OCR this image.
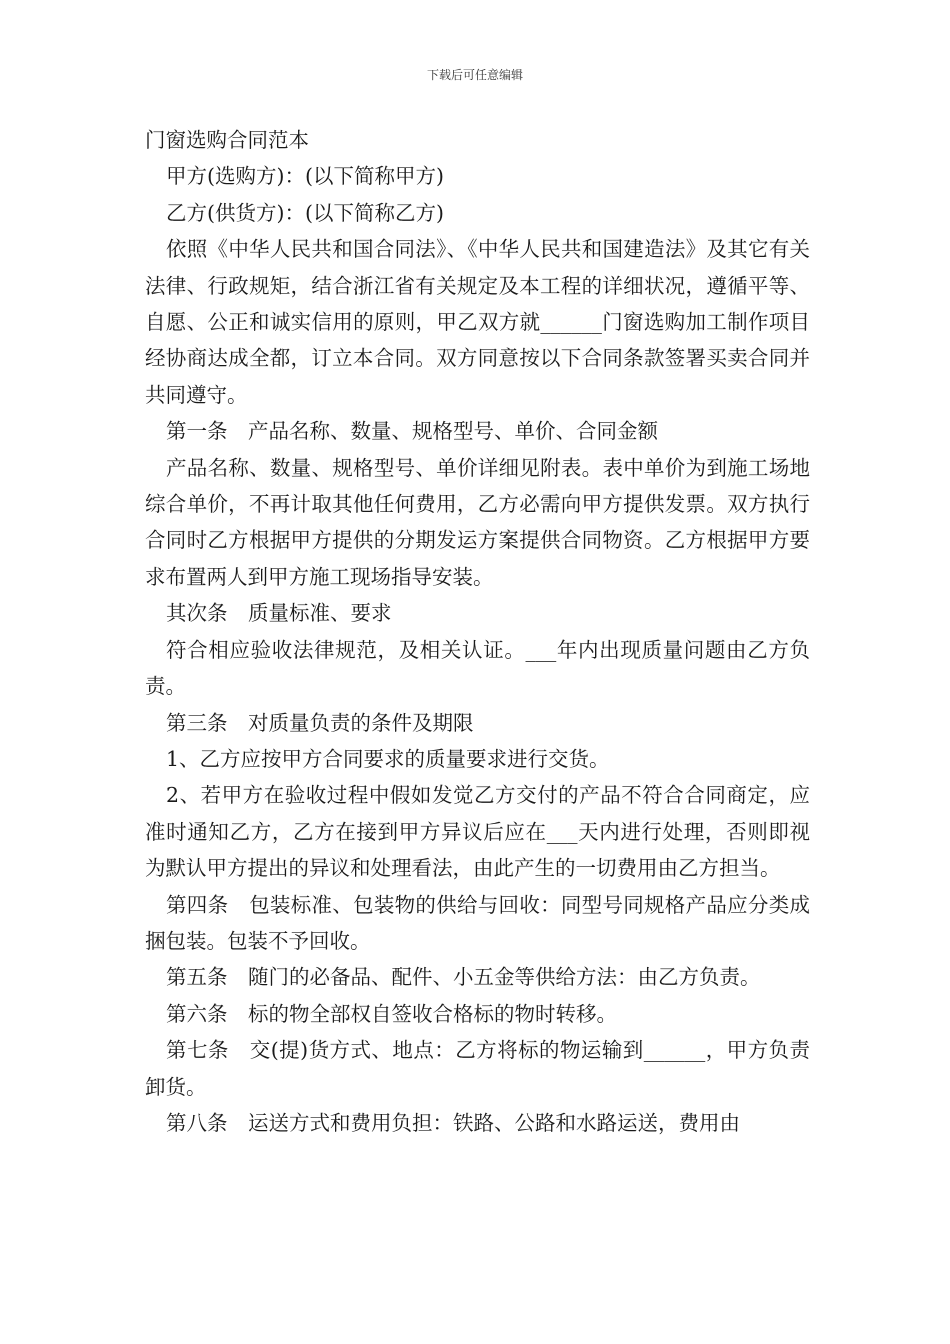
下载后可任意编辑

门窗选购合同范本

甲方(选购方)：(以下简称甲方)

乙方(供货方)：(以下简称乙方)

依照《中华人民共和国合同法》、《中华人民共和国建造法》及其它有关法律、行政规矩，结合浙江省有关规定及本工程的详细状况，遵循平等、自愿、公正和诚实信用的原则，甲乙双方就______门窗选购加工制作项目经协商达成全都，订立本合同。双方同意按以下合同条款签署买卖合同并共同遵守。

第一条　产品名称、数量、规格型号、单价、合同金额

产品名称、数量、规格型号、单价详细见附表。表中单价为到施工场地综合单价，不再计取其他任何费用，乙方必需向甲方提供发票。双方执行合同时乙方根据甲方提供的分期发运方案提供合同物资。乙方根据甲方要求布置两人到甲方施工现场指导安装。

其次条　质量标准、要求

符合相应验收法律规范，及相关认证。___年内出现质量问题由乙方负责。

第三条　对质量负责的条件及期限

1、乙方应按甲方合同要求的质量要求进行交货。

2、若甲方在验收过程中假如发觉乙方交付的产品不符合合同商定，应准时通知乙方，乙方在接到甲方异议后应在___天内进行处理，否则即视为默认甲方提出的异议和处理看法，由此产生的一切费用由乙方担当。

第四条　包装标准、包装物的供给与回收：同型号同规格产品应分类成捆包装。包装不予回收。

第五条　随门的必备品、配件、小五金等供给方法：由乙方负责。

第六条　标的物全部权自签收合格标的物时转移。

第七条　交(提)货方式、地点：乙方将标的物运输到______，甲方负责卸货。

第八条　运送方式和费用负担：铁路、公路和水路运送，费用由
